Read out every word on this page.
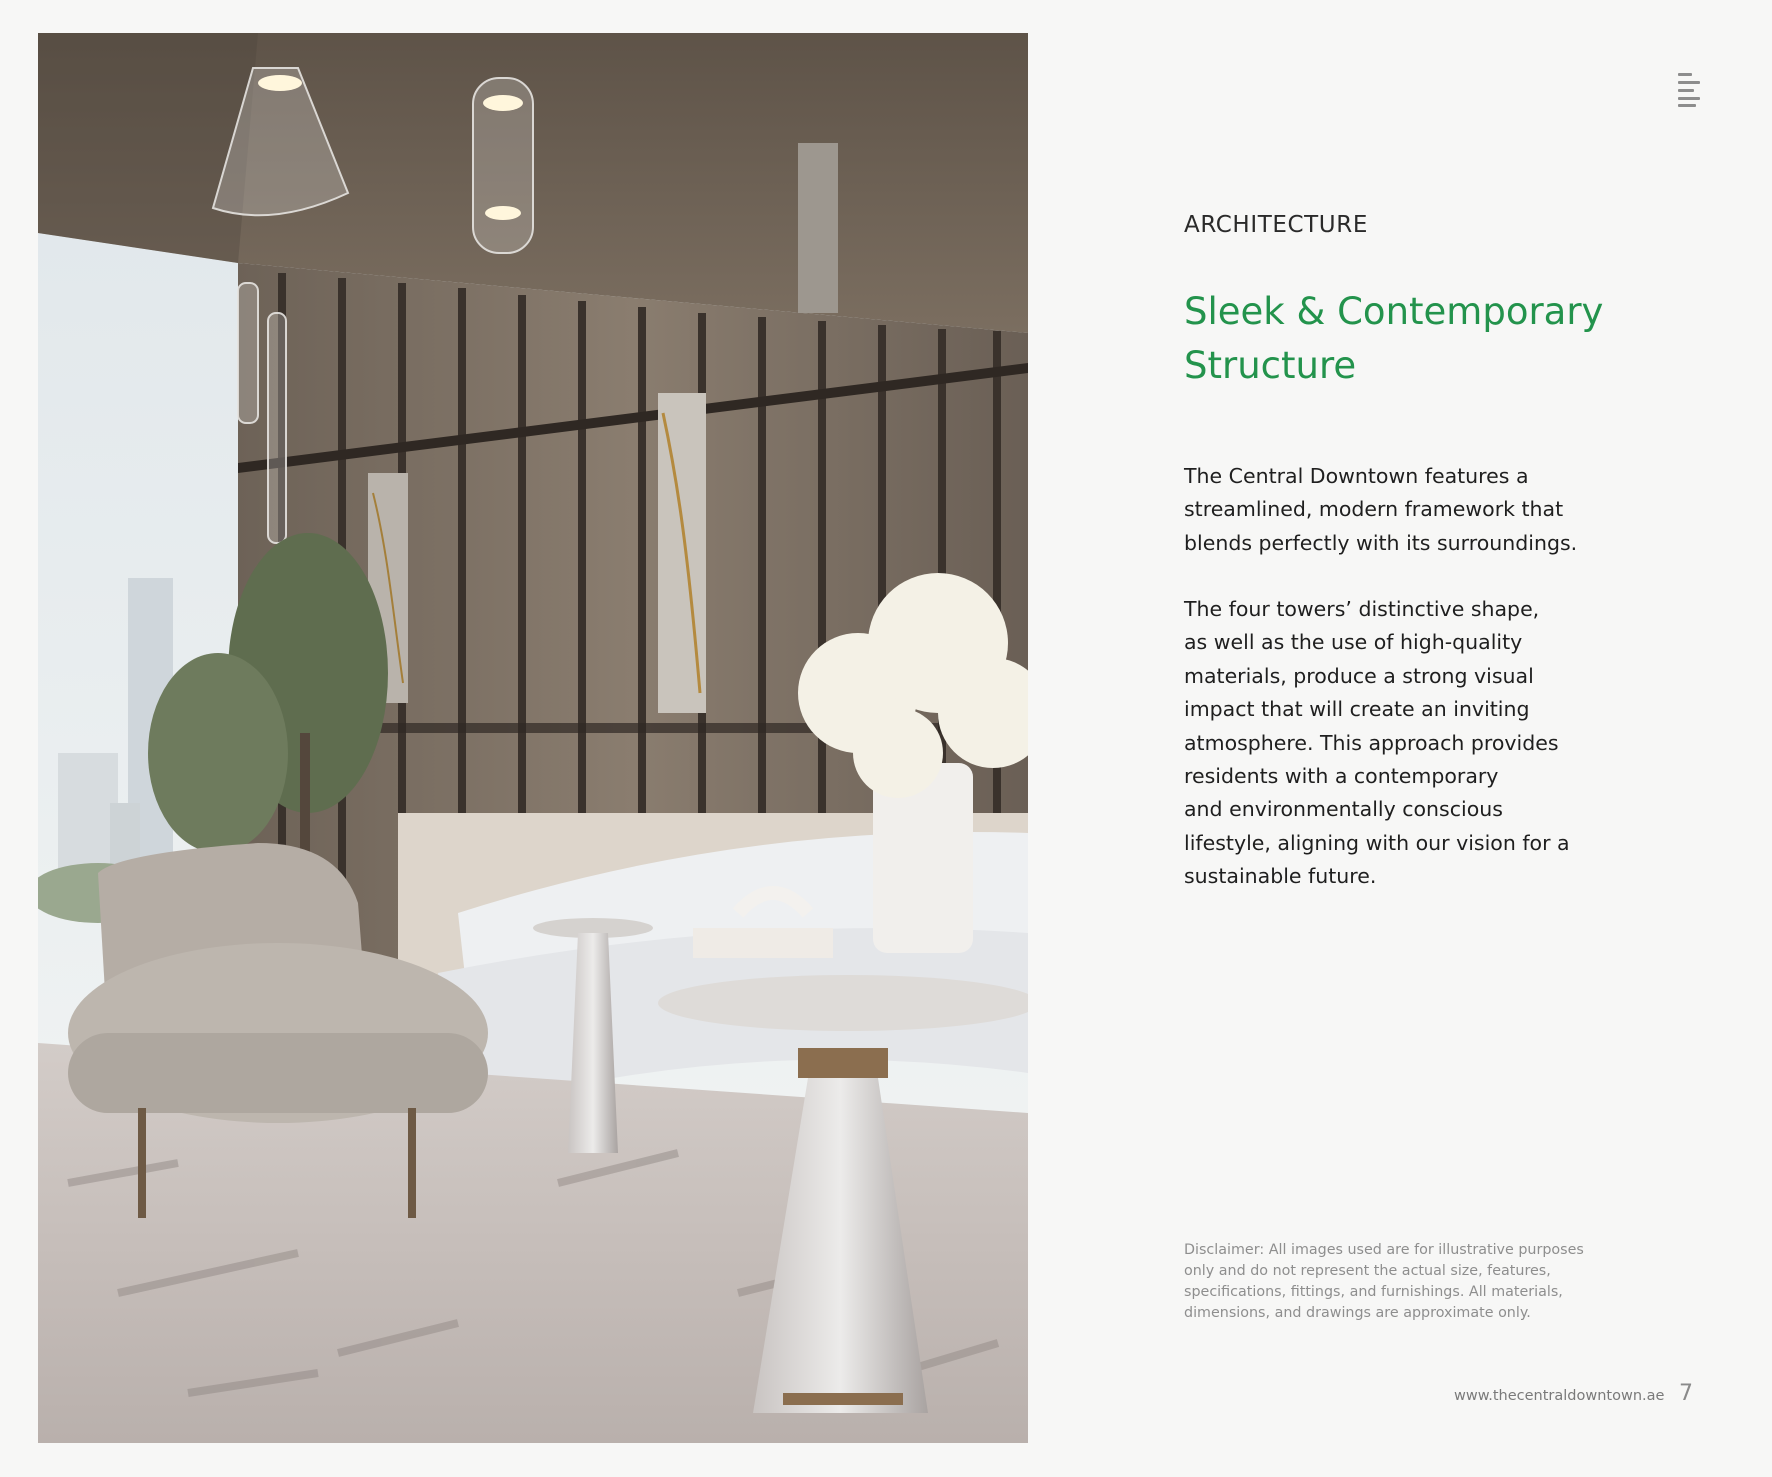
ARCHITECTURE
Sleek & Contemporary
Structure
The Central Downtown features a
streamlined, modern framework that
blends perfectly with its surroundings.
The four towers’ distinctive shape,
as well as the use of high-quality
materials, produce a strong visual
impact that will create an inviting
atmosphere. This approach provides
residents with a contemporary
and environmentally conscious
lifestyle, aligning with our vision for a
sustainable future.
Disclaimer: All images used are for illustrative purposes
only and do not represent the actual size, features,
specifications, fittings, and furnishings. All materials,
dimensions, and drawings are approximate only.
www.thecentraldowntown.ae 7
